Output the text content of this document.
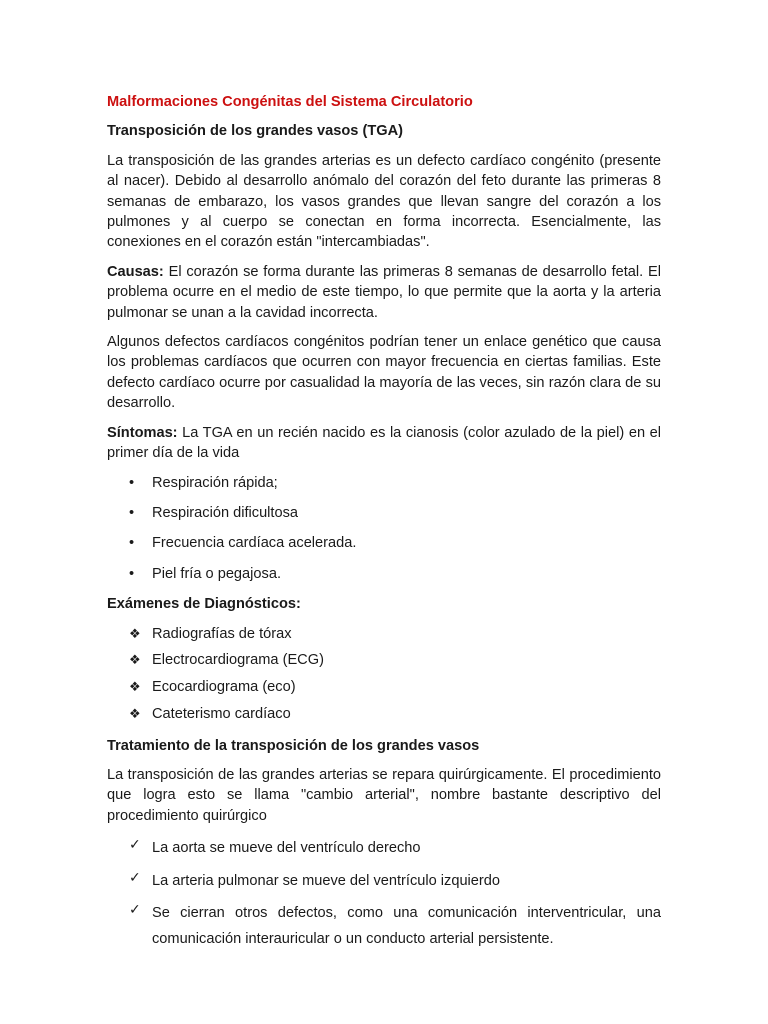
Malformaciones Congénitas del Sistema Circulatorio
Transposición de los grandes vasos (TGA)

La transposición de las grandes arterias es un defecto cardíaco congénito (presente al nacer). Debido al desarrollo anómalo del corazón del feto durante las primeras 8 semanas de embarazo, los vasos grandes que llevan sangre del corazón a los pulmones y al cuerpo se conectan en forma incorrecta. Esencialmente, las conexiones en el corazón están "intercambiadas".

Causas: El corazón se forma durante las primeras 8 semanas de desarrollo fetal. El problema ocurre en el medio de este tiempo, lo que permite que la aorta y la arteria pulmonar se unan a la cavidad incorrecta.

Algunos defectos cardíacos congénitos podrían tener un enlace genético que causa los problemas cardíacos que ocurren con mayor frecuencia en ciertas familias. Este defecto cardíaco ocurre por casualidad la mayoría de las veces, sin razón clara de su desarrollo.

Síntomas: La TGA en un recién nacido es la cianosis (color azulado de la piel) en el primer día de la vida

• Respiración rápida;
• Respiración dificultosa
• Frecuencia cardíaca acelerada.
• Piel fría o pegajosa.
Exámenes de Diagnósticos:
❖ Radiografías de tórax
❖ Electrocardiograma (ECG)
❖ Ecocardiograma (eco)
❖ Cateterismo cardíaco
Tratamiento de la transposición de los grandes vasos

La transposición de las grandes arterias se repara quirúrgicamente. El procedimiento que logra esto se llama "cambio arterial", nombre bastante descriptivo del procedimiento quirúrgico

✓ La aorta se mueve del ventrículo derecho
✓ La arteria pulmonar se mueve del ventrículo izquierdo
✓ Se cierran otros defectos, como una comunicación interventricular, una comunicación interauricular o un conducto arterial persistente.
